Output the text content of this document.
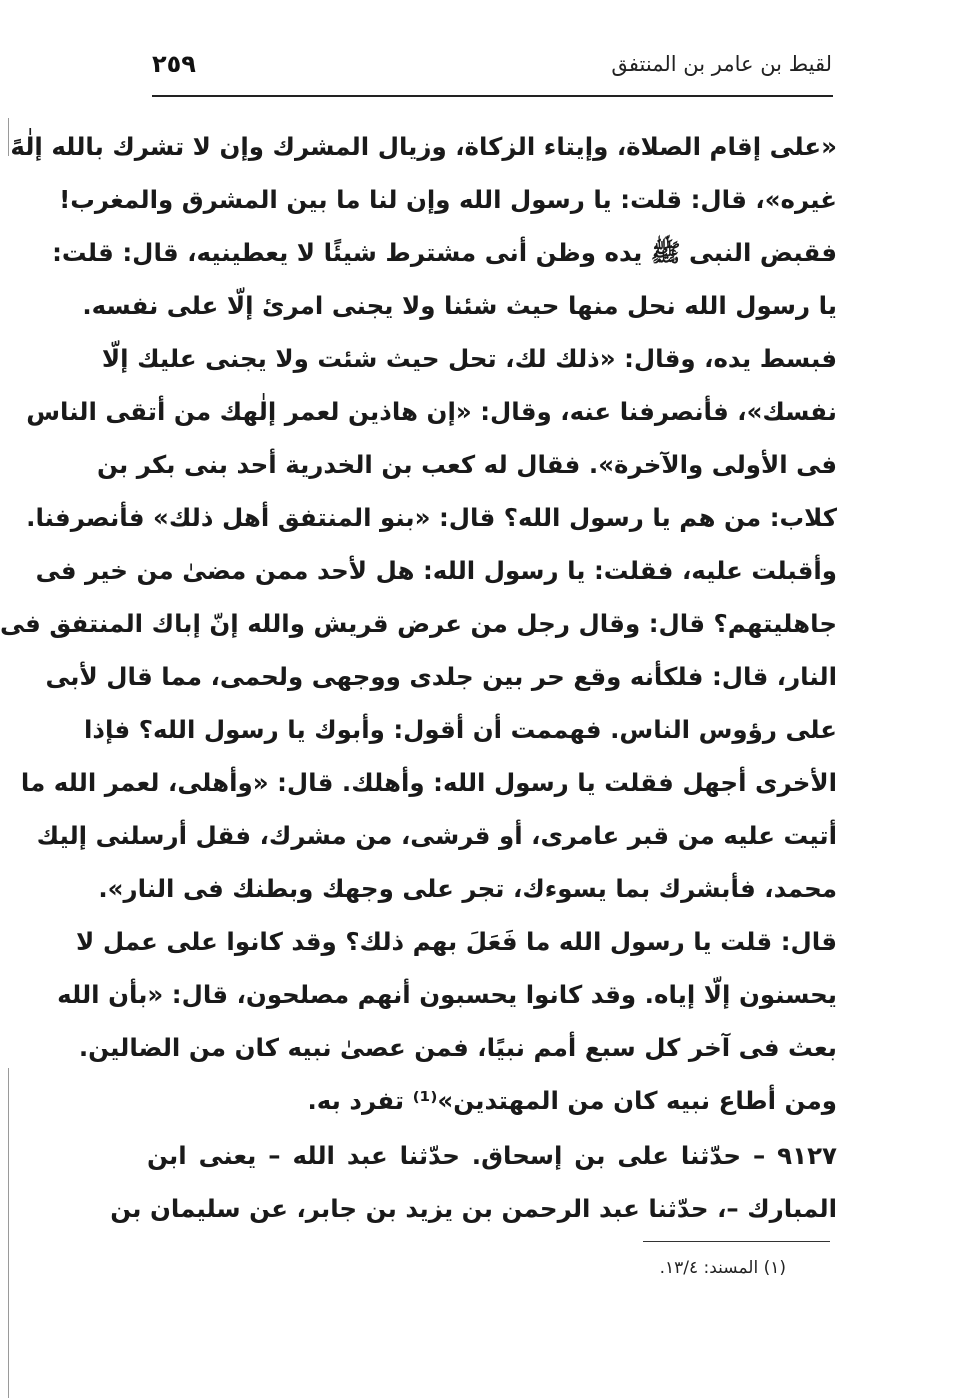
لقيط بن عامر بن المنتفق
٢٥٩
«على إقام الصلاة، وإيتاء الزكاة، وزيال المشرك وإن لا تشرك بالله إلٰهً
غيره»، قال: قلت: يا رسول الله وإن لنا ما بين المشرق والمغرب!
فقبض النبى ﷺ يده وظن أنى مشترط شيئًا لا يعطينيه، قال: قلت:
يا رسول الله نحل منها حيث شئنا ولا يجنى امرئ إلّا على نفسه.
فبسط يده، وقال: «ذلك لك، تحل حيث شئت ولا يجنى عليك إلّا
نفسك»، فأنصرفنا عنه، وقال: «إن هاذين لعمر إلٰهك من أتقى الناس
فى الأولى والآخرة». فقال له كعب بن الخدرية أحد بنى بكر بن
كلاب: من هم يا رسول الله؟ قال: «بنو المنتفق أهل ذلك» فأنصرفنا.
وأقبلت عليه، فقلت: يا رسول الله: هل لأحد ممن مضىٰ من خير فى
جاهليتهم؟ قال: وقال رجل من عرض قريش والله إنّ إباك المنتفق فى
النار، قال: فلكأنه وقع حر بين جلدى ووجهى ولحمى، مما قال لأبى
على رؤوس الناس. فهممت أن أقول: وأبوك يا رسول الله؟ فإذا
الأخرى أجهل فقلت يا رسول الله: وأهلك. قال: «وأهلى، لعمر الله ما
أتيت عليه من قبر عامرى، أو قرشى، من مشرك، فقل أرسلنى إليك
محمد، فأبشرك بما يسوءك، تجر على وجهك وبطنك فى النار».
قال: قلت يا رسول الله ما فَعَلَ بهم ذلك؟ وقد كانوا على عمل لا
يحسنون إلّا إياه. وقد كانوا يحسبون أنهم مصلحون، قال: «بأن الله
بعث فى آخر كل سبع أمم نبيًا، فمن عصىٰ نبيه كان من الضالين.
ومن أطاع نبيه كان من المهتدين»⁽¹⁾ تفرد به.
٩١٢٧ – حدّثنا على بن إسحاق. حدّثنا عبد الله – يعنى ابن
المبارك –، حدّثنا عبد الرحمن بن يزيد بن جابر، عن سليمان بن
(١) المسند: ١٣/٤.
